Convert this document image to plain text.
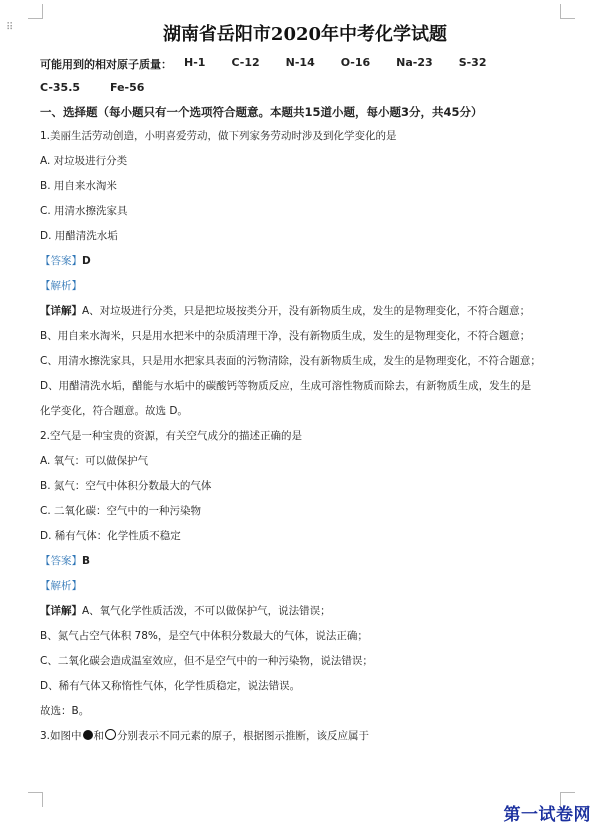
⠿	湖南省岳阳市2020年中考化学试题
可能用到的相对原子质量： H-1 C-12 N-14 O-16 Na-23 S-32
C-35.5	Fe-56
一、选择题（每小题只有一个选项符合题意。本题共15道小题，每小题3分，共45分）

1.美丽生活劳动创造，小明喜爱劳动，做下列家务劳动时涉及到化学变化的是

A. 对垃圾进行分类

B. 用自来水淘米

C. 用清水擦洗家具

D. 用醋清洗水垢

【答案】D

【解析】

【详解】A、对垃圾进行分类，只是把垃圾按类分开，没有新物质生成，发生的是物理变化，不符合题意；

B、用自来水淘米，只是用水把米中的杂质清理干净，没有新物质生成，发生的是物理变化，不符合题意；

C、用清水擦洗家具，只是用水把家具表面的污物清除，没有新物质生成，发生的是物理变化，不符合题意；

D、用醋清洗水垢，醋能与水垢中的碳酸钙等物质反应，生成可溶性物质而除去，有新物质生成，发生的是

化学变化，符合题意。故选 D。

2.空气是一种宝贵的资源，有关空气成分的描述正确的是

A. 氧气：可以做保护气

B. 氮气：空气中体积分数最大的气体

C. 二氧化碳：空气中的一种污染物

D. 稀有气体：化学性质不稳定

【答案】B

【解析】

【详解】A、氧气化学性质活泼，不可以做保护气，说法错误；

B、氮气占空气体积 78%，是空气中体积分数最大的气体，说法正确；

C、二氧化碳会造成温室效应，但不是空气中的一种污染物，说法错误；

D、稀有气体又称惰性气体，化学性质稳定，说法错误。

故选：B。

3.如图中 和 分别表示不同元素的原子，根据图示推断，该反应属于

第一试卷网
